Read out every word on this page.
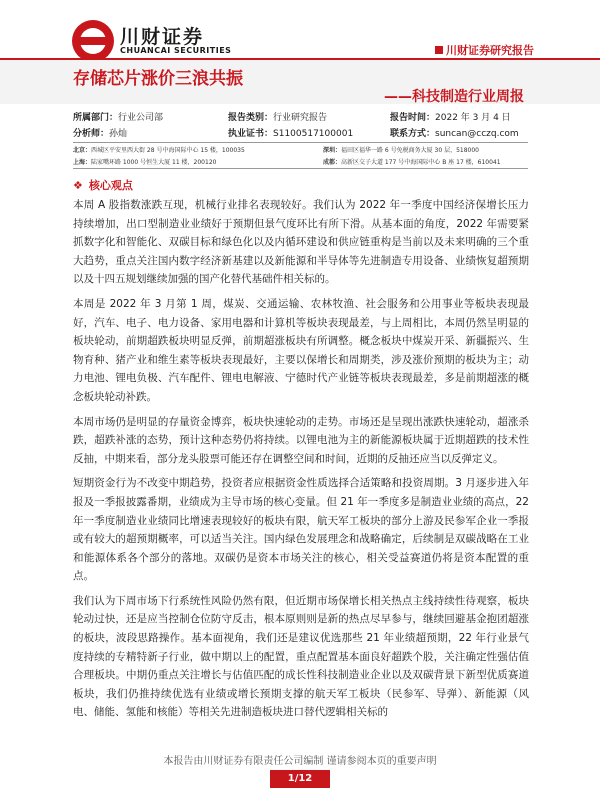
川财证券
CHUANCAI SECURITIES	川财证券研究报告
存储芯片涨价三浪共振
——科技制造行业周报
所属部门：行业公司部	报告类别：行业研究报告	报告时间：2022 年 3 月 4 日
分析师：孙灿	执业证书：S1100517100001	联系方式：suncan@cczq.com
北京：西城区平安里西大街 28 号中海国际中心 15 楼，100035	深圳：福田区福华一路 6 号免税商务大厦 30 层，518000
上海：陆家嘴环路 1000 号恒生大厦 11 楼，200120	成都：高新区交子大道 177 号中海国际中心 B 座 17 楼，610041
❖ 核心观点

本周 A 股指数涨跌互现，机械行业排名表现较好。我们认为 2022 年一季度中国经济保增长压力持续增加，出口型制造业业绩好于预期但景气度环比有所下滑。从基本面的角度，2022 年需要紧抓数字化和智能化、双碳目标和绿色化以及内循环建设和供应链重构是当前以及未来明确的三个重大趋势，重点关注国内数字经济新基建以及新能源和半导体等先进制造专用设备、业绩恢复超预期以及十四五规划继续加强的国产化替代基础件相关标的。

本周是 2022 年 3 月第 1 周，煤炭、交通运输、农林牧渔、社会服务和公用事业等板块表现最好，汽车、电子、电力设备、家用电器和计算机等板块表现最差，与上周相比，本周仍然呈明显的板块轮动，前期超跌板块明显反弹，前期超涨板块有所调整。概念板块中煤炭开采、新疆振兴、生物育种、猪产业和维生素等板块表现最好，主要以保增长和周期类，涉及涨价预期的板块为主；动力电池、锂电负极、汽车配件、锂电电解液、宁德时代产业链等板块表现最差，多是前期超涨的概念板块轮动补跌。

本周市场仍是明显的存量资金博弈，板块快速轮动的走势。市场还是呈现出涨跌快速轮动，超涨杀跌，超跌补涨的态势，预计这种态势仍将持续。以锂电池为主的新能源板块属于近期超跌的技术性反抽，中期来看，部分龙头股票可能还存在调整空间和时间，近期的反抽还应当以反弹定义。

短期资金行为不改变中期趋势，投资者应根据资金性质选择合适策略和投资周期。3 月逐步进入年报及一季报披露番期，业绩成为主导市场的核心变量。但 21 年一季度多是制造业业绩的高点，22 年一季度制造业业绩同比增速表现较好的板块有限，航天军工板块的部分上游及民参军企业一季报或有较大的超预期概率，可以适当关注。国内绿色发展理念和战略确定，后续制是双碳战略在工业和能源体系各个部分的落地。双碳仍是资本市场关注的核心，相关受益赛道仍将是资本配置的重点。

我们认为下周市场下行系统性风险仍然有限，但近期市场保增长相关热点主线持续性待观察，板块轮动过快，还是应当控制仓位防守反击，根本原则则是新的热点尽早参与，继续回避基金抱团超涨的板块，波段思路操作。基本面视角，我们还是建议优选那些 21 年业绩超预期，22 年行业景气度持续的专精特新子行业，做中期以上的配置，重点配置基本面良好超跌个股，关注确定性强估值合理板块。中期仍重点关注增长与估值匹配的成长性科技制造业企业以及双碳背景下新型优质赛道板块，我们仍推持续优选有业绩或增长预期支撑的航天军工板块（民参军、导弹）、新能源（风电、储能、氢能和核能）等相关先进制造板块进口替代逻辑相关标的

本报告由川财证券有限责任公司编制 谨请参阅本页的重要声明
1/12
